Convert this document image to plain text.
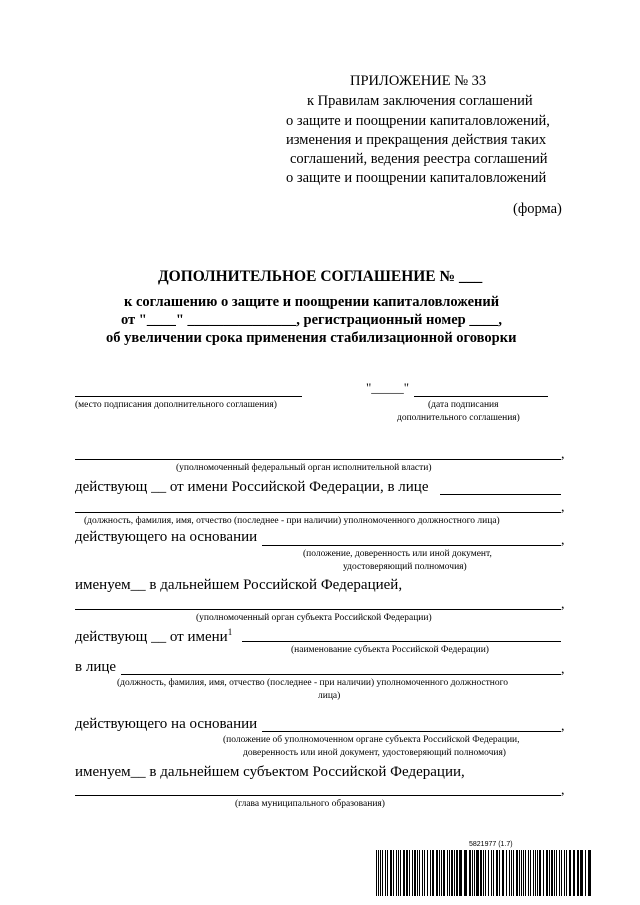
ПРИЛОЖЕНИЕ № 33
к Правилам заключения соглашений
о защите и поощрении капиталовложений,
изменения и прекращения действия таких
соглашений, ведения реестра соглашений
о защите и поощрении капиталовложений
(форма)
ДОПОЛНИТЕЛЬНОЕ СОГЛАШЕНИЕ № ___
к соглашению о защите и поощрении капиталовложений
от "____" _______________, регистрационный номер ____,
об увеличении срока применения стабилизационной оговорки
(место подписания дополнительного соглашения)
"_____"
(дата подписания
дополнительного соглашения)
,
(уполномоченный федеральный орган исполнительной власти)
действующ __ от имени Российской Федерации, в лице
,
(должность, фамилия, имя, отчество (последнее - при наличии) уполномоченного должностного лица)
действующего на основании	,
(положение, доверенность или иной документ,
удостоверяющий полномочия)
именуем__ в дальнейшем Российской Федерацией,
,
(уполномоченный орган субъекта Российской Федерации)
действующ __ от имени$^1$
(наименование субъекта Российской Федерации)
в лице	,
(должность, фамилия, имя, отчество (последнее - при наличии) уполномоченного должностного
лица)
действующего на основании	,
(положение об уполномоченном органе субъекта Российской Федерации,
доверенность или иной документ, удостоверяющий полномочия)
именуем__ в дальнейшем субъектом Российской Федерации,
,
(глава муниципального образования)
5821977 (1.7)
